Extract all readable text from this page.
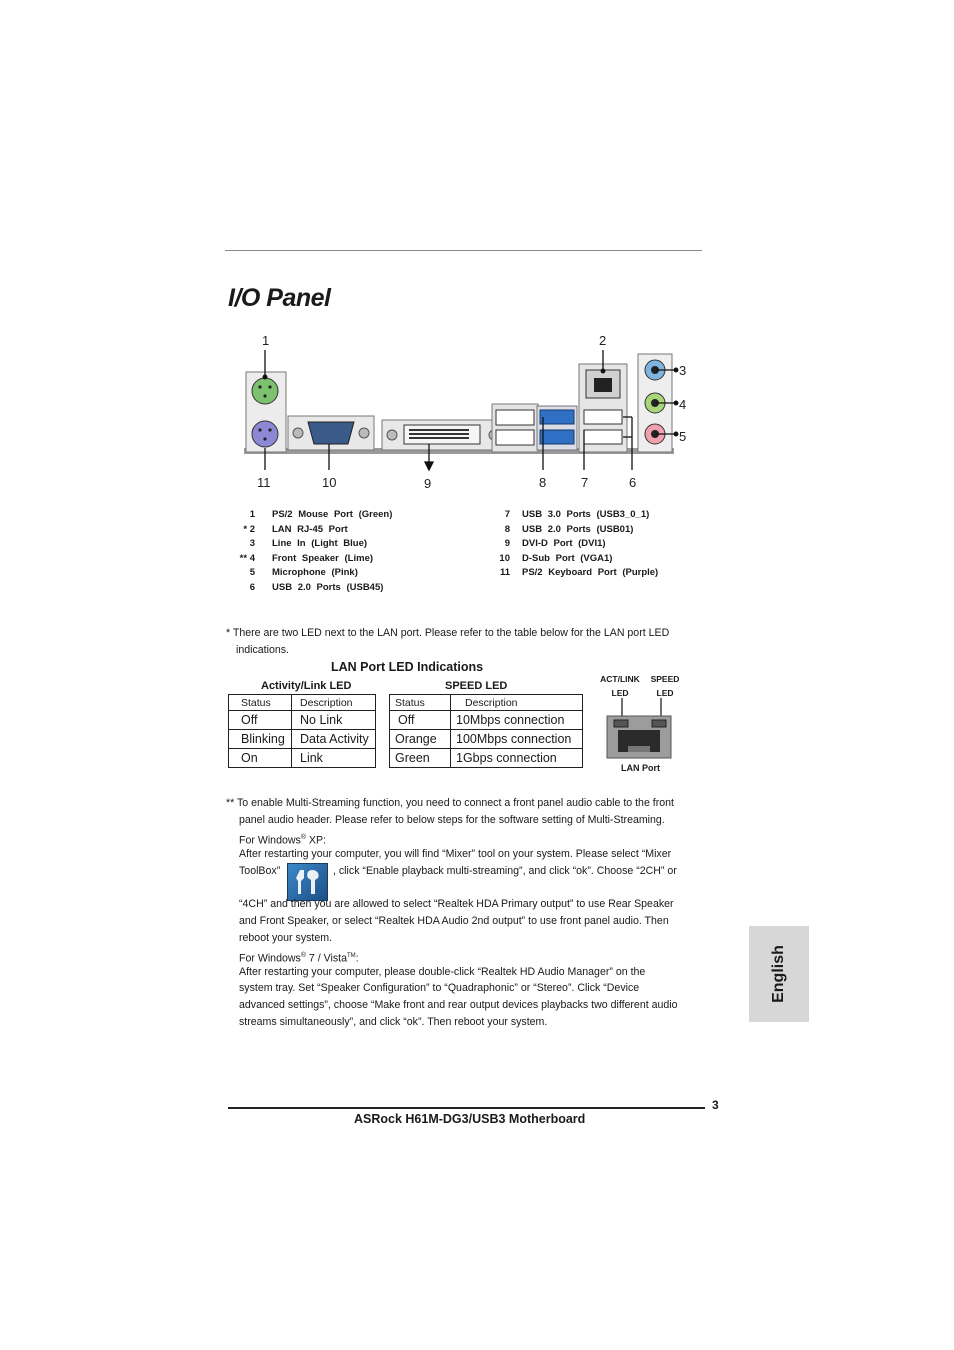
I/O Panel
1	2
3
4
5
11	10	9	8	7	6
1 PS/2 Mouse Port (Green)
* 2 LAN RJ-45 Port
3 Line In (Light Blue)
** 4 Front Speaker (Lime)
5 Microphone (Pink)
6 USB 2.0 Ports (USB45)
7 USB 3.0 Ports (USB3_0_1)
8 USB 2.0 Ports (USB01)
9 DVI-D Port (DVI1)
10 D-Sub Port (VGA1)
11 PS/2 Keyboard Port (Purple)
* There are two LED next to the LAN port. Please refer to the table below for the LAN port LED
indications.
LAN Port LED Indications
Activity/Link LED	SPEED LED
Status	Description
Off	No Link
Blinking	Data Activity
On	Link
Status	Description
Off	10Mbps connection
Orange	100Mbps connection
Green	1Gbps connection
ACT/LINK
LED
SPEED
LED
LAN Port
** To enable Multi-Streaming function, you need to connect a front panel audio cable to the front
panel audio header. Please refer to below steps for the software setting of Multi-Streaming.
For Windows® XP:
After restarting your computer, you will find “Mixer” tool on your system. Please select “Mixer
ToolBox”	, click “Enable playback multi-streaming”, and click “ok”. Choose “2CH” or
“4CH” and then you are allowed to select “Realtek HDA Primary output” to use Rear Speaker
and Front Speaker, or select “Realtek HDA Audio 2nd output” to use front panel audio. Then
reboot your system.
For Windows® 7 / Vista™:
After restarting your computer, please double-click “Realtek HD Audio Manager” on the
system tray. Set “Speaker Configuration” to “Quadraphonic” or “Stereo”. Click “Device
advanced settings”, choose “Make front and rear output devices playbacks two different audio
streams simultaneously”, and click “ok”. Then reboot your system.
English
3
ASRock H61M-DG3/USB3 Motherboard
